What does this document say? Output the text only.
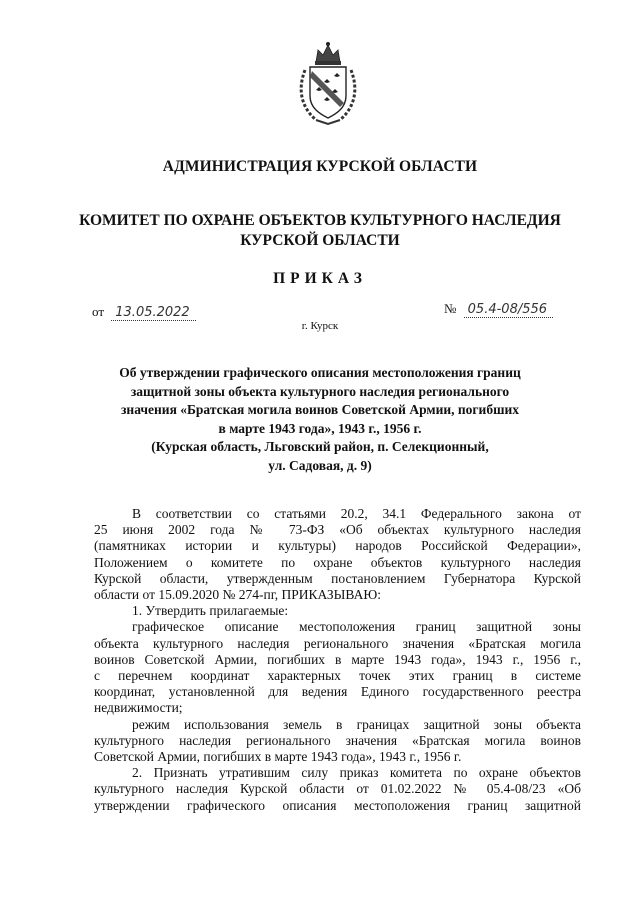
АДМИНИСТРАЦИЯ КУРСКОЙ ОБЛАСТИ
КОМИТЕТ ПО ОХРАНЕ ОБЪЕКТОВ КУЛЬТУРНОГО НАСЛЕДИЯ
КУРСКОЙ ОБЛАСТИ
ПРИКАЗ
от 13.05.2022	№ 05.4-08/556
г. Курск
Об утверждении графического описания местоположения границ
защитной зоны объекта культурного наследия регионального
значения «Братская могила воинов Советской Армии, погибших
в марте 1943 года», 1943 г., 1956 г.
(Курская область, Льговский район, п. Селекционный,
ул. Садовая, д. 9)
В соответствии со статьями 20.2, 34.1 Федерального закона от
25 июня 2002 года № 73-ФЗ «Об объектах культурного наследия
(памятниках истории и культуры) народов Российской Федерации»,
Положением о комитете по охране объектов культурного наследия
Курской области, утвержденным постановлением Губернатора Курской
области от 15.09.2020 № 274-пг, ПРИКАЗЫВАЮ:
1. Утвердить прилагаемые:
графическое описание местоположения границ защитной зоны
объекта культурного наследия регионального значения «Братская могила
воинов Советской Армии, погибших в марте 1943 года», 1943 г., 1956 г.,
с перечнем координат характерных точек этих границ в системе
координат, установленной для ведения Единого государственного реестра
недвижимости;
режим использования земель в границах защитной зоны объекта
культурного наследия регионального значения «Братская могила воинов
Советской Армии, погибших в марте 1943 года», 1943 г., 1956 г.
2. Признать утратившим силу приказ комитета по охране объектов
культурного наследия Курской области от 01.02.2022 № 05.4-08/23 «Об
утверждении графического описания местоположения границ защитной
